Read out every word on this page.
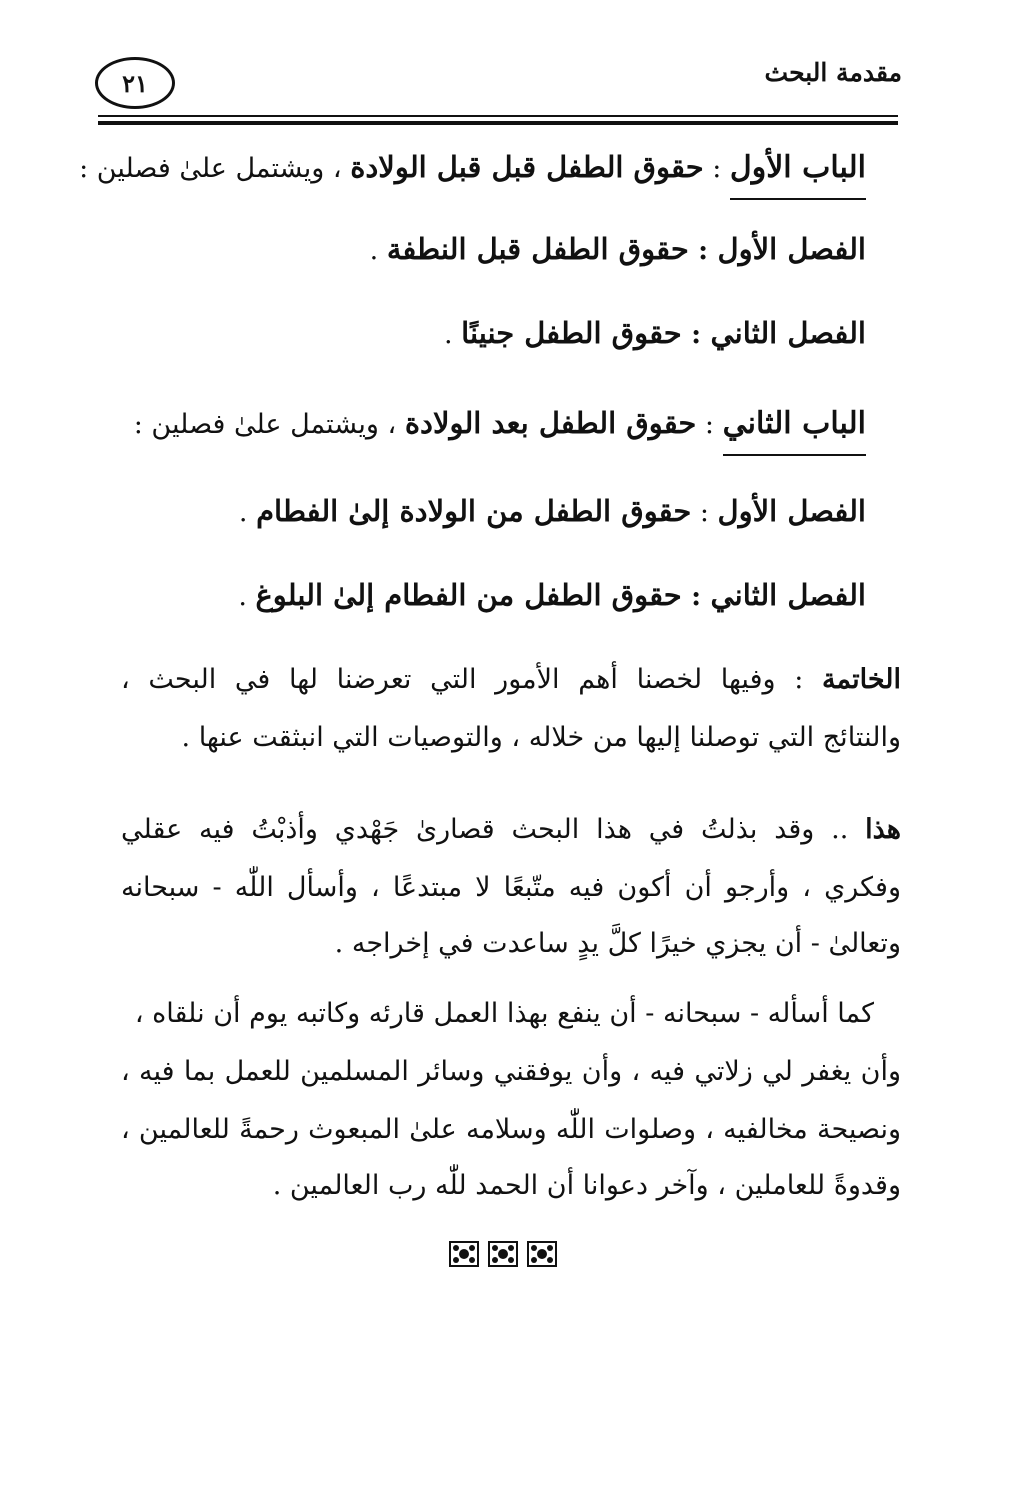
مقدمة البحث
٢١
الباب الأول : حقوق الطفل قبل قبل الولادة ، ويشتمل علىٰ فصلين :
الفصل الأول : حقوق الطفل قبل النطفة .
الفصل الثاني : حقوق الطفل جنينًا .
الباب الثاني : حقوق الطفل بعد الولادة ، ويشتمل علىٰ فصلين :
الفصل الأول : حقوق الطفل من الولادة إلىٰ الفطام .
الفصل الثاني : حقوق الطفل من الفطام إلىٰ البلوغ .
الخاتمة : وفيها لخصنا أهم الأمور التي تعرضنا لها في البحث ،
والنتائج التي توصلنا إليها من خلاله ، والتوصيات التي انبثقت عنها .
هذا .. وقد بذلتُ في هذا البحث قصارىٰ جَهْدي وأذبْتُ فيه عقلي
وفكري ، وأرجو أن أكون فيه متّبعًا لا مبتدعًا ، وأسأل اللّٰه - سبحانه
وتعالىٰ - أن يجزي خيرًا كلَّ يدٍ ساعدت في إخراجه .
كما أسأله - سبحانه - أن ينفع بهذا العمل قارئه وكاتبه يوم أن نلقاه ،
وأن يغفر لي زلاتي فيه ، وأن يوفقني وسائر المسلمين للعمل بما فيه ،
ونصيحة مخالفيه ، وصلوات اللّٰه وسلامه علىٰ المبعوث رحمةً للعالمين ،
وقدوةً للعاملين ، وآخر دعوانا أن الحمد للّٰه رب العالمين .
